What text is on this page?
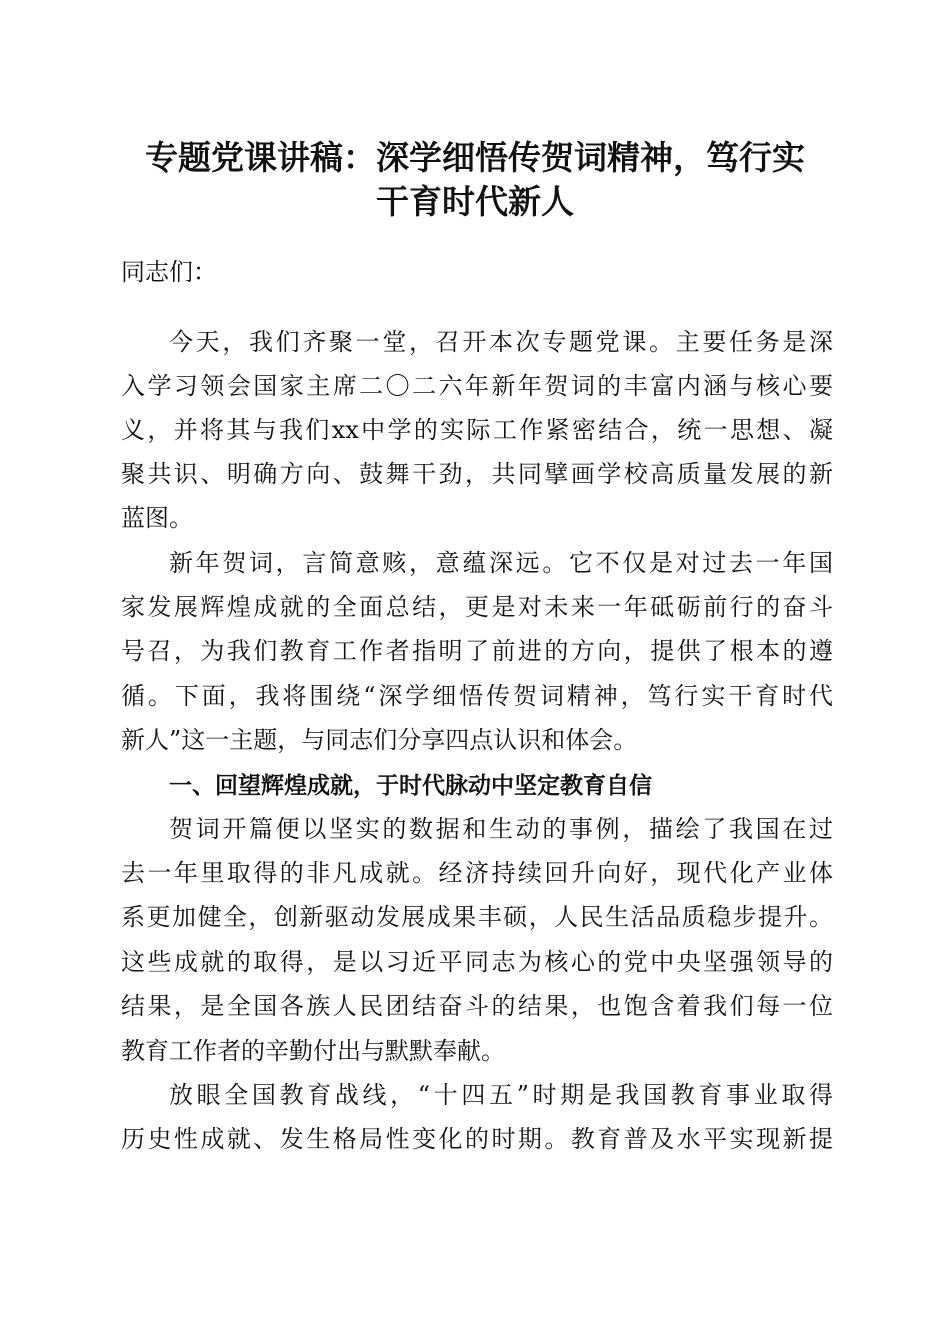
专题党课讲稿：深学细悟传贺词精神，笃行实
干育时代新人

同志们：

今天，我们齐聚一堂，召开本次专题党课。主要任务是深

入学习领会国家主席二〇二六年新年贺词的丰富内涵与核心要

义，并将其与我们xx中学的实际工作紧密结合，统一思想、凝

聚共识、明确方向、鼓舞干劲，共同擘画学校高质量发展的新

蓝图。

新年贺词，言简意赅，意蕴深远。它不仅是对过去一年国

家发展辉煌成就的全面总结，更是对未来一年砥砺前行的奋斗

号召，为我们教育工作者指明了前进的方向，提供了根本的遵

循。下面，我将围绕“深学细悟传贺词精神，笃行实干育时代

新人”这一主题，与同志们分享四点认识和体会。

一、回望辉煌成就，于时代脉动中坚定教育自信

贺词开篇便以坚实的数据和生动的事例，描绘了我国在过

去一年里取得的非凡成就。经济持续回升向好，现代化产业体

系更加健全，创新驱动发展成果丰硕，人民生活品质稳步提升。

这些成就的取得，是以习近平同志为核心的党中央坚强领导的

结果，是全国各族人民团结奋斗的结果，也饱含着我们每一位

教育工作者的辛勤付出与默默奉献。

放眼全国教育战线，“十四五”时期是我国教育事业取得

历史性成就、发生格局性变化的时期。教育普及水平实现新提
